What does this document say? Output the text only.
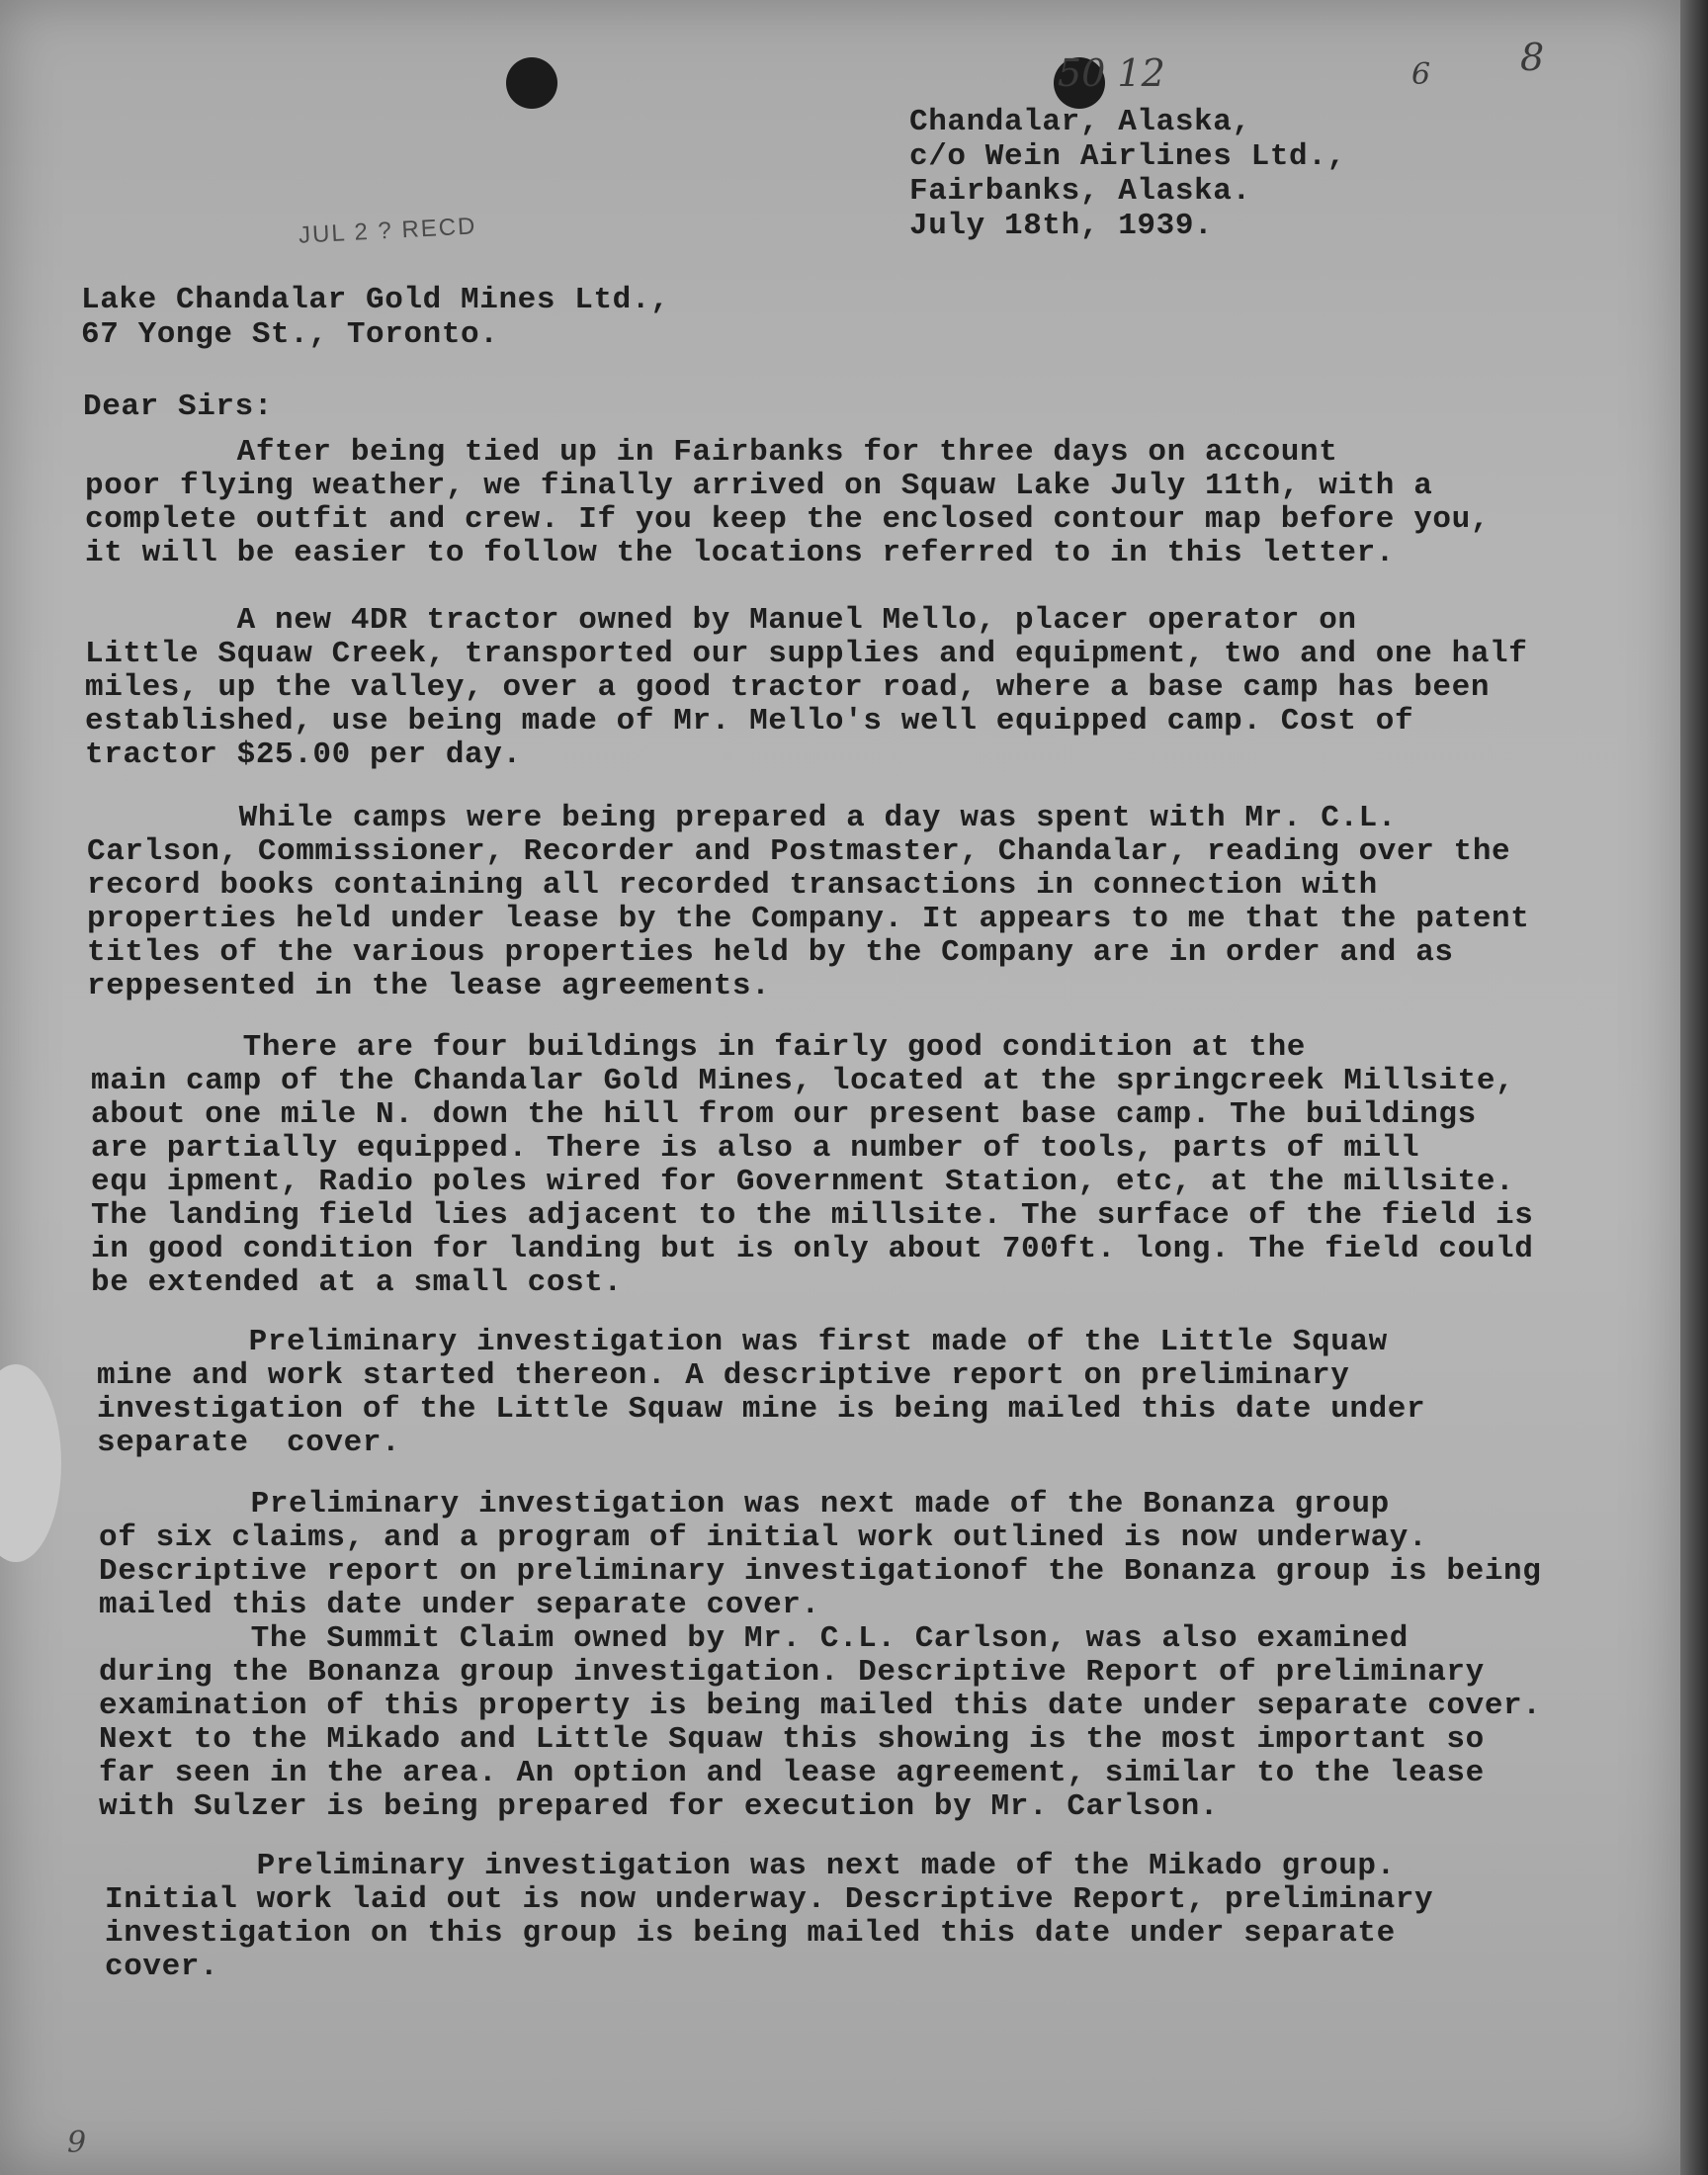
50 12	6 8
JUL 2 ? RECD
Chandalar, Alaska,
c/o Wein Airlines Ltd.,
Fairbanks, Alaska.
July 18th, 1939.
Lake Chandalar Gold Mines Ltd.,
67 Yonge St., Toronto.
Dear Sirs:
After being tied up in Fairbanks for three days on account
poor flying weather, we finally arrived on Squaw Lake July 11th, with a
complete outfit and crew. If you keep the enclosed contour map before you,
it will be easier to follow the locations referred to in this letter.
A new 4DR tractor owned by Manuel Mello, placer operator on
Little Squaw Creek, transported our supplies and equipment, two and one half
miles, up the valley, over a good tractor road, where a base camp has been
established, use being made of Mr. Mello's well equipped camp. Cost of
tractor $25.00 per day.
While camps were being prepared a day was spent with Mr. C.L.
Carlson, Commissioner, Recorder and Postmaster, Chandalar, reading over the
record books containing all recorded transactions in connection with
properties held under lease by the Company. It appears to me that the patent
titles of the various properties held by the Company are in order and as
reppesented in the lease agreements.
There are four buildings in fairly good condition at the
main camp of the Chandalar Gold Mines, located at the springcreek Millsite,
about one mile N. down the hill from our present base camp. The buildings
are partially equipped. There is also a number of tools, parts of mill
equ ipment, Radio poles wired for Government Station, etc, at the millsite.
The landing field lies adjacent to the millsite. The surface of the field is
in good condition for landing but is only about 700ft. long. The field could
be extended at a small cost.
Preliminary investigation was first made of the Little Squaw
mine and work started thereon. A descriptive report on preliminary
investigation of the Little Squaw mine is being mailed this date under
separate  cover.
Preliminary investigation was next made of the Bonanza group
of six claims, and a program of initial work outlined is now underway.
Descriptive report on preliminary investigationof the Bonanza group is being
mailed this date under separate cover.
The Summit Claim owned by Mr. C.L. Carlson, was also examined
during the Bonanza group investigation. Descriptive Report of preliminary
examination of this property is being mailed this date under separate cover.
Next to the Mikado and Little Squaw this showing is the most important so
far seen in the area. An option and lease agreement, similar to the lease
with Sulzer is being prepared for execution by Mr. Carlson.
Preliminary investigation was next made of the Mikado group.
Initial work laid out is now underway. Descriptive Report, preliminary
investigation on this group is being mailed this date under separate
cover.
9
